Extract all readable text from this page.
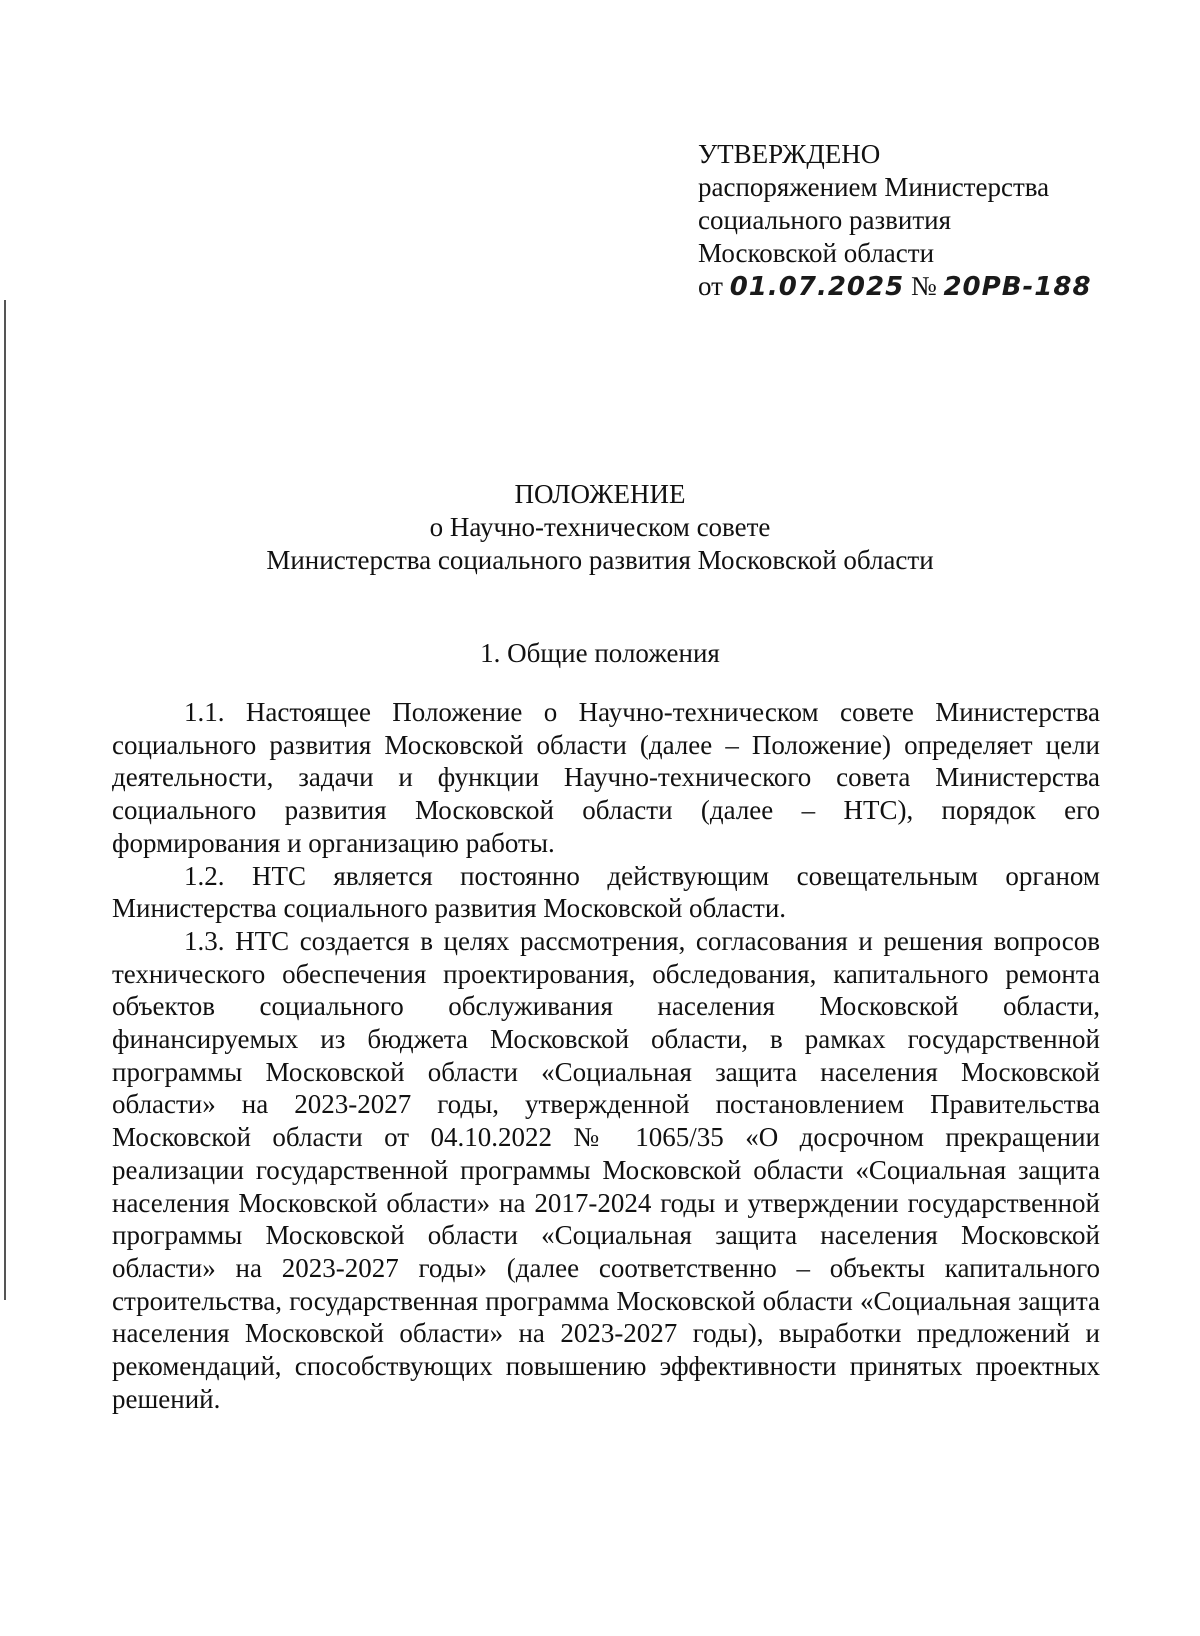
УТВЕРЖДЕНО
распоряжением Министерства
социального развития
Московской области
от 01.07.2025 № 20РВ-188
ПОЛОЖЕНИЕ
о Научно-техническом совете
Министерства социального развития Московской области
1. Общие положения

1.1. Настоящее Положение о Научно-техническом совете Министерства социального развития Московской области (далее – Положение) определяет цели деятельности, задачи и функции Научно-технического совета Министерства социального развития Московской области (далее – НТС), порядок его формирования и организацию работы.

1.2. НТС является постоянно действующим совещательным органом Министерства социального развития Московской области.

1.3. НТС создается в целях рассмотрения, согласования и решения вопросов технического обеспечения проектирования, обследования, капитального ремонта объектов социального обслуживания населения Московской области, финансируемых из бюджета Московской области, в рамках государственной программы Московской области «Социальная защита населения Московской области» на 2023-2027 годы, утвержденной постановлением Правительства Московской области от 04.10.2022 № 1065/35 «О досрочном прекращении реализации государственной программы Московской области «Социальная защита населения Московской области» на 2017-2024 годы и утверждении государственной программы Московской области «Социальная защита населения Московской области» на 2023-2027 годы» (далее соответственно – объекты капитального строительства, государственная программа Московской области «Социальная защита населения Московской области» на 2023-2027 годы), выработки предложений и рекомендаций, способствующих повышению эффективности принятых проектных решений.
